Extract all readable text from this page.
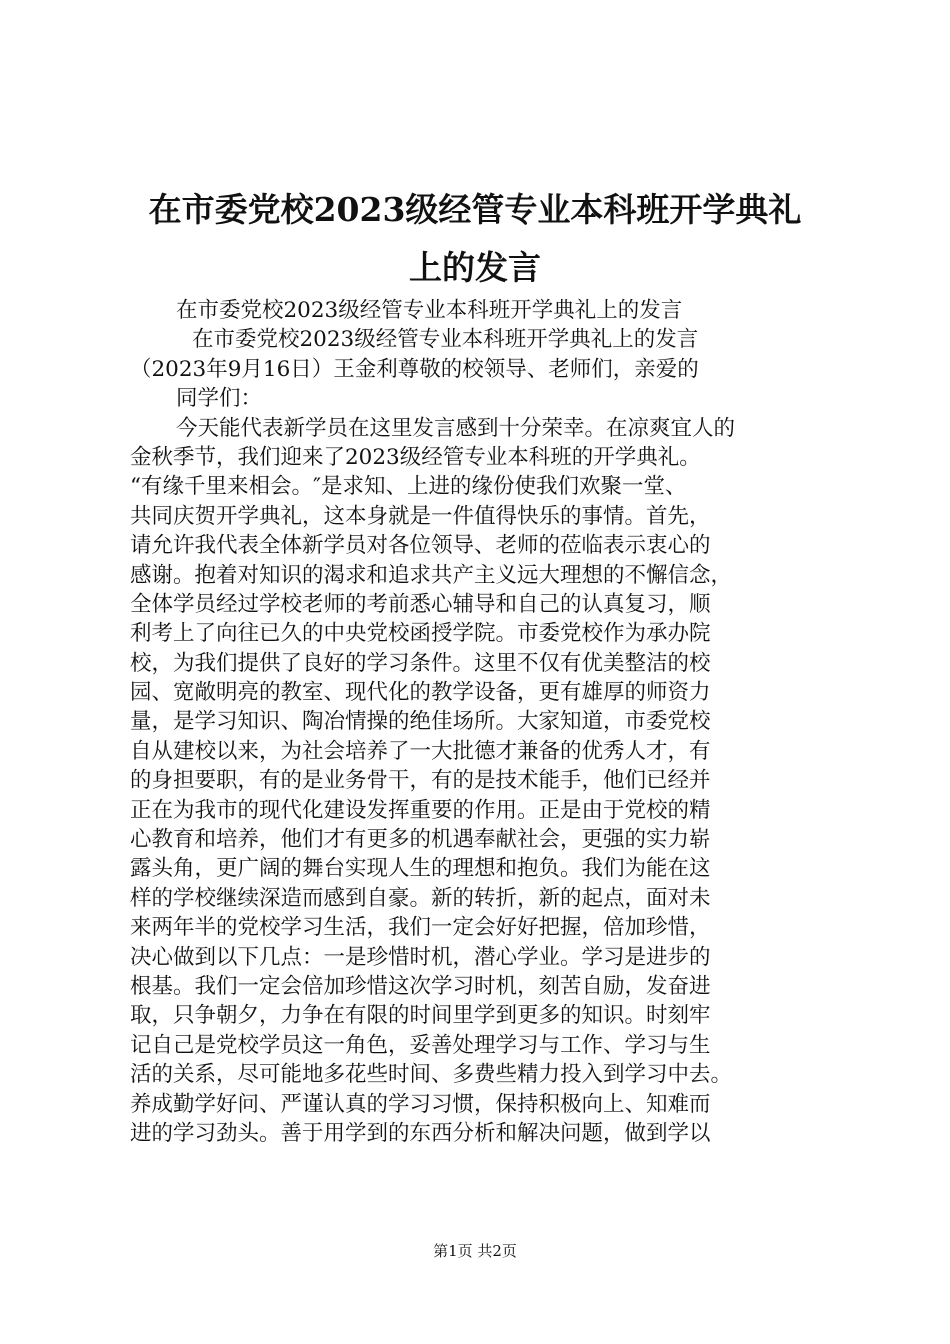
在市委党校2023级经管专业本科班开学典礼
上的发言
在市委党校2023级经管专业本科班开学典礼上的发言
在市委党校2023级经管专业本科班开学典礼上的发言
（2023年9月16日）王金利尊敬的校领导、老师们，亲爱的
同学们：
今天能代表新学员在这里发言感到十分荣幸。在凉爽宜人的
金秋季节，我们迎来了2023级经管专业本科班的开学典礼。
“有缘千里来相会。″是求知、上进的缘份使我们欢聚一堂、
共同庆贺开学典礼，这本身就是一件值得快乐的事情。首先，
请允许我代表全体新学员对各位领导、老师的莅临表示衷心的
感谢。抱着对知识的渴求和追求共产主义远大理想的不懈信念，
全体学员经过学校老师的考前悉心辅导和自己的认真复习，顺
利考上了向往已久的中央党校函授学院。市委党校作为承办院
校，为我们提供了良好的学习条件。这里不仅有优美整洁的校
园、宽敞明亮的教室、现代化的教学设备，更有雄厚的师资力
量，是学习知识、陶冶情操的绝佳场所。大家知道，市委党校
自从建校以来，为社会培养了一大批德才兼备的优秀人才，有
的身担要职，有的是业务骨干，有的是技术能手，他们已经并
正在为我市的现代化建设发挥重要的作用。正是由于党校的精
心教育和培养，他们才有更多的机遇奉献社会，更强的实力崭
露头角，更广阔的舞台实现人生的理想和抱负。我们为能在这
样的学校继续深造而感到自豪。新的转折，新的起点，面对未
来两年半的党校学习生活，我们一定会好好把握，倍加珍惜，
决心做到以下几点：一是珍惜时机，潜心学业。学习是进步的
根基。我们一定会倍加珍惜这次学习时机，刻苦自励，发奋进
取，只争朝夕，力争在有限的时间里学到更多的知识。时刻牢
记自己是党校学员这一角色，妥善处理学习与工作、学习与生
活的关系，尽可能地多花些时间、多费些精力投入到学习中去。
养成勤学好问、严谨认真的学习习惯，保持积极向上、知难而
进的学习劲头。善于用学到的东西分析和解决问题，做到学以
第1页 共2页
